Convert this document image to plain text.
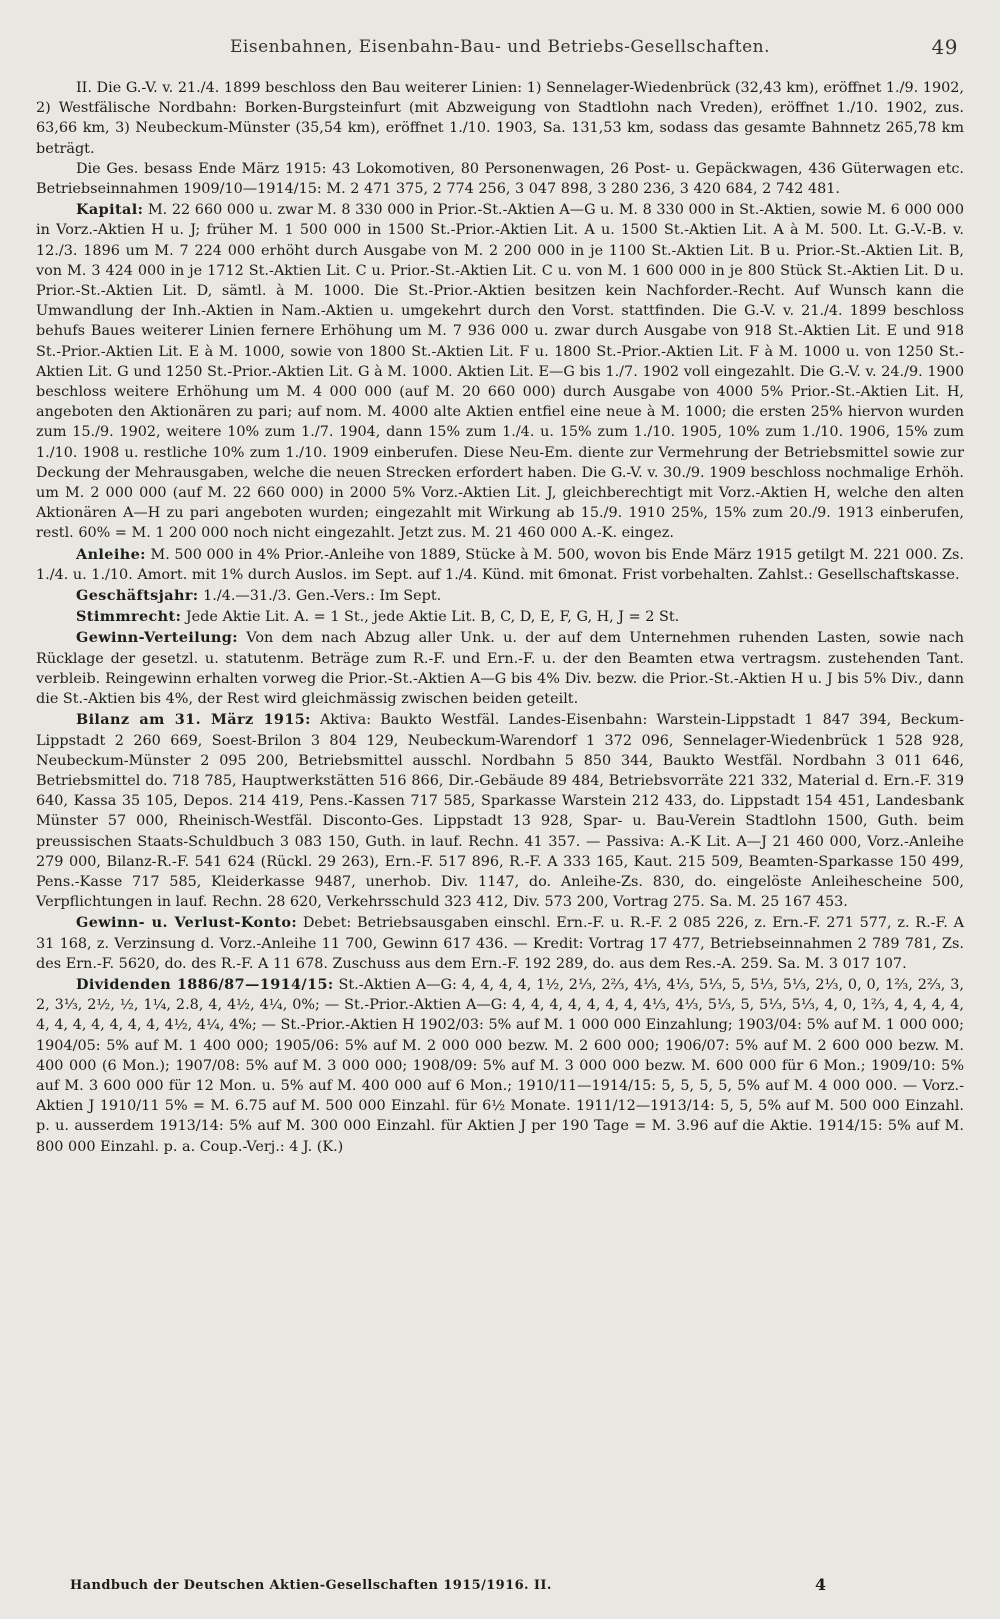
Eisenbahnen, Eisenbahn-Bau- und Betriebs-Gesellschaften.	49

II. Die G.-V. v. 21./4. 1899 beschloss den Bau weiterer Linien: 1) Sennelager-Wiedenbrück (32,43 km), eröffnet 1./9. 1902, 2) Westfälische Nordbahn: Borken-Burgsteinfurt (mit Abzweigung von Stadtlohn nach Vreden), eröffnet 1./10. 1902, zus. 63,66 km, 3) Neubeckum-Münster (35,54 km), eröffnet 1./10. 1903, Sa. 131,53 km, sodass das gesamte Bahnnetz 265,78 km beträgt.

Die Ges. besass Ende März 1915: 43 Lokomotiven, 80 Personenwagen, 26 Post- u. Gepäckwagen, 436 Güterwagen etc. Betriebseinnahmen 1909/10—1914/15: M. 2 471 375, 2 774 256, 3 047 898, 3 280 236, 3 420 684, 2 742 481.

Kapital: M. 22 660 000 u. zwar M. 8 330 000 in Prior.-St.-Aktien A—G u. M. 8 330 000 in St.-Aktien, sowie M. 6 000 000 in Vorz.-Aktien H u. J; früher M. 1 500 000 in 1500 St.-Prior.-Aktien Lit. A u. 1500 St.-Aktien Lit. A à M. 500. Lt. G.-V.-B. v. 12./3. 1896 um M. 7 224 000 erhöht durch Ausgabe von M. 2 200 000 in je 1100 St.-Aktien Lit. B u. Prior.-St.-Aktien Lit. B, von M. 3 424 000 in je 1712 St.-Aktien Lit. C u. Prior.-St.-Aktien Lit. C u. von M. 1 600 000 in je 800 Stück St.-Aktien Lit. D u. Prior.-St.-Aktien Lit. D, sämtl. à M. 1000. Die St.-Prior.-Aktien besitzen kein Nachforder.-Recht. Auf Wunsch kann die Umwandlung der Inh.-Aktien in Nam.-Aktien u. umgekehrt durch den Vorst. stattfinden. Die G.-V. v. 21./4. 1899 beschloss behufs Baues weiterer Linien fernere Erhöhung um M. 7 936 000 u. zwar durch Ausgabe von 918 St.-Aktien Lit. E und 918 St.-Prior.-Aktien Lit. E à M. 1000, sowie von 1800 St.-Aktien Lit. F u. 1800 St.-Prior.-Aktien Lit. F à M. 1000 u. von 1250 St.-Aktien Lit. G und 1250 St.-Prior.-Aktien Lit. G à M. 1000. Aktien Lit. E—G bis 1./7. 1902 voll eingezahlt. Die G.-V. v. 24./9. 1900 beschloss weitere Erhöhung um M. 4 000 000 (auf M. 20 660 000) durch Ausgabe von 4000 5% Prior.-St.-Aktien Lit. H, angeboten den Aktionären zu pari; auf nom. M. 4000 alte Aktien entfiel eine neue à M. 1000; die ersten 25% hiervon wurden zum 15./9. 1902, weitere 10% zum 1./7. 1904, dann 15% zum 1./4. u. 15% zum 1./10. 1905, 10% zum 1./10. 1906, 15% zum 1./10. 1908 u. restliche 10% zum 1./10. 1909 einberufen. Diese Neu-Em. diente zur Vermehrung der Betriebsmittel sowie zur Deckung der Mehrausgaben, welche die neuen Strecken erfordert haben. Die G.-V. v. 30./9. 1909 beschloss nochmalige Erhöh. um M. 2 000 000 (auf M. 22 660 000) in 2000 5% Vorz.-Aktien Lit. J, gleichberechtigt mit Vorz.-Aktien H, welche den alten Aktionären A—H zu pari angeboten wurden; eingezahlt mit Wirkung ab 15./9. 1910 25%, 15% zum 20./9. 1913 einberufen, restl. 60% = M. 1 200 000 noch nicht eingezahlt. Jetzt zus. M. 21 460 000 A.-K. eingez.

Anleihe: M. 500 000 in 4% Prior.-Anleihe von 1889, Stücke à M. 500, wovon bis Ende März 1915 getilgt M. 221 000. Zs. 1./4. u. 1./10. Amort. mit 1% durch Auslos. im Sept. auf 1./4. Künd. mit 6monat. Frist vorbehalten. Zahlst.: Gesellschaftskasse.

Geschäftsjahr: 1./4.—31./3. Gen.-Vers.: Im Sept.

Stimmrecht: Jede Aktie Lit. A. = 1 St., jede Aktie Lit. B, C, D, E, F, G, H, J = 2 St.

Gewinn-Verteilung: Von dem nach Abzug aller Unk. u. der auf dem Unternehmen ruhenden Lasten, sowie nach Rücklage der gesetzl. u. statutenm. Beträge zum R.-F. und Ern.-F. u. der den Beamten etwa vertragsm. zustehenden Tant. verbleib. Reingewinn erhalten vorweg die Prior.-St.-Aktien A—G bis 4% Div. bezw. die Prior.-St.-Aktien H u. J bis 5% Div., dann die St.-Aktien bis 4%, der Rest wird gleichmässig zwischen beiden geteilt.

Bilanz am 31. März 1915: Aktiva: Baukto Westfäl. Landes-Eisenbahn: Warstein-Lippstadt 1 847 394, Beckum-Lippstadt 2 260 669, Soest-Brilon 3 804 129, Neubeckum-Warendorf 1 372 096, Sennelager-Wiedenbrück 1 528 928, Neubeckum-Münster 2 095 200, Betriebsmittel ausschl. Nordbahn 5 850 344, Baukto Westfäl. Nordbahn 3 011 646, Betriebsmittel do. 718 785, Hauptwerkstätten 516 866, Dir.-Gebäude 89 484, Betriebsvorräte 221 332, Material d. Ern.-F. 319 640, Kassa 35 105, Depos. 214 419, Pens.-Kassen 717 585, Sparkasse Warstein 212 433, do. Lippstadt 154 451, Landesbank Münster 57 000, Rheinisch-Westfäl. Disconto-Ges. Lippstadt 13 928, Spar- u. Bau-Verein Stadtlohn 1500, Guth. beim preussischen Staats-Schuldbuch 3 083 150, Guth. in lauf. Rechn. 41 357. — Passiva: A.-K Lit. A—J 21 460 000, Vorz.-Anleihe 279 000, Bilanz-R.-F. 541 624 (Rückl. 29 263), Ern.-F. 517 896, R.-F. A 333 165, Kaut. 215 509, Beamten-Sparkasse 150 499, Pens.-Kasse 717 585, Kleiderkasse 9487, unerhob. Div. 1147, do. Anleihe-Zs. 830, do. eingelöste Anleihescheine 500, Verpflichtungen in lauf. Rechn. 28 620, Verkehrsschuld 323 412, Div. 573 200, Vortrag 275. Sa. M. 25 167 453.

Gewinn- u. Verlust-Konto: Debet: Betriebsausgaben einschl. Ern.-F. u. R.-F. 2 085 226, z. Ern.-F. 271 577, z. R.-F. A 31 168, z. Verzinsung d. Vorz.-Anleihe 11 700, Gewinn 617 436. — Kredit: Vortrag 17 477, Betriebseinnahmen 2 789 781, Zs. des Ern.-F. 5620, do. des R.-F. A 11 678. Zuschuss aus dem Ern.-F. 192 289, do. aus dem Res.-A. 259. Sa. M. 3 017 107.

Dividenden 1886/87—1914/15: St.-Aktien A—G: 4, 4, 4, 4, 1½, 2⅓, 2⅔, 4⅓, 4⅓, 5⅓, 5, 5⅓, 5⅓, 2⅓, 0, 0, 1⅔, 2⅔, 3, 2, 3⅓, 2½, ½, 1¼, 2.8, 4, 4½, 4¼, 0%; — St.-Prior.-Aktien A—G: 4, 4, 4, 4, 4, 4, 4, 4⅓, 4⅓, 5⅓, 5, 5⅓, 5⅓, 4, 0, 1⅔, 4, 4, 4, 4, 4, 4, 4, 4, 4, 4, 4, 4½, 4¼, 4%; — St.-Prior.-Aktien H 1902/03: 5% auf M. 1 000 000 Einzahlung; 1903/04: 5% auf M. 1 000 000; 1904/05: 5% auf M. 1 400 000; 1905/06: 5% auf M. 2 000 000 bezw. M. 2 600 000; 1906/07: 5% auf M. 2 600 000 bezw. M. 400 000 (6 Mon.); 1907/08: 5% auf M. 3 000 000; 1908/09: 5% auf M. 3 000 000 bezw. M. 600 000 für 6 Mon.; 1909/10: 5% auf M. 3 600 000 für 12 Mon. u. 5% auf M. 400 000 auf 6 Mon.; 1910/11—1914/15: 5, 5, 5, 5, 5% auf M. 4 000 000. — Vorz.-Aktien J 1910/11 5% = M. 6.75 auf M. 500 000 Einzahl. für 6½ Monate. 1911/12—1913/14: 5, 5, 5% auf M. 500 000 Einzahl. p. u. ausserdem 1913/14: 5% auf M. 300 000 Einzahl. für Aktien J per 190 Tage = M. 3.96 auf die Aktie. 1914/15: 5% auf M. 800 000 Einzahl. p. a. Coup.-Verj.: 4 J. (K.)

Handbuch der Deutschen Aktien-Gesellschaften 1915/1916. II.	4
